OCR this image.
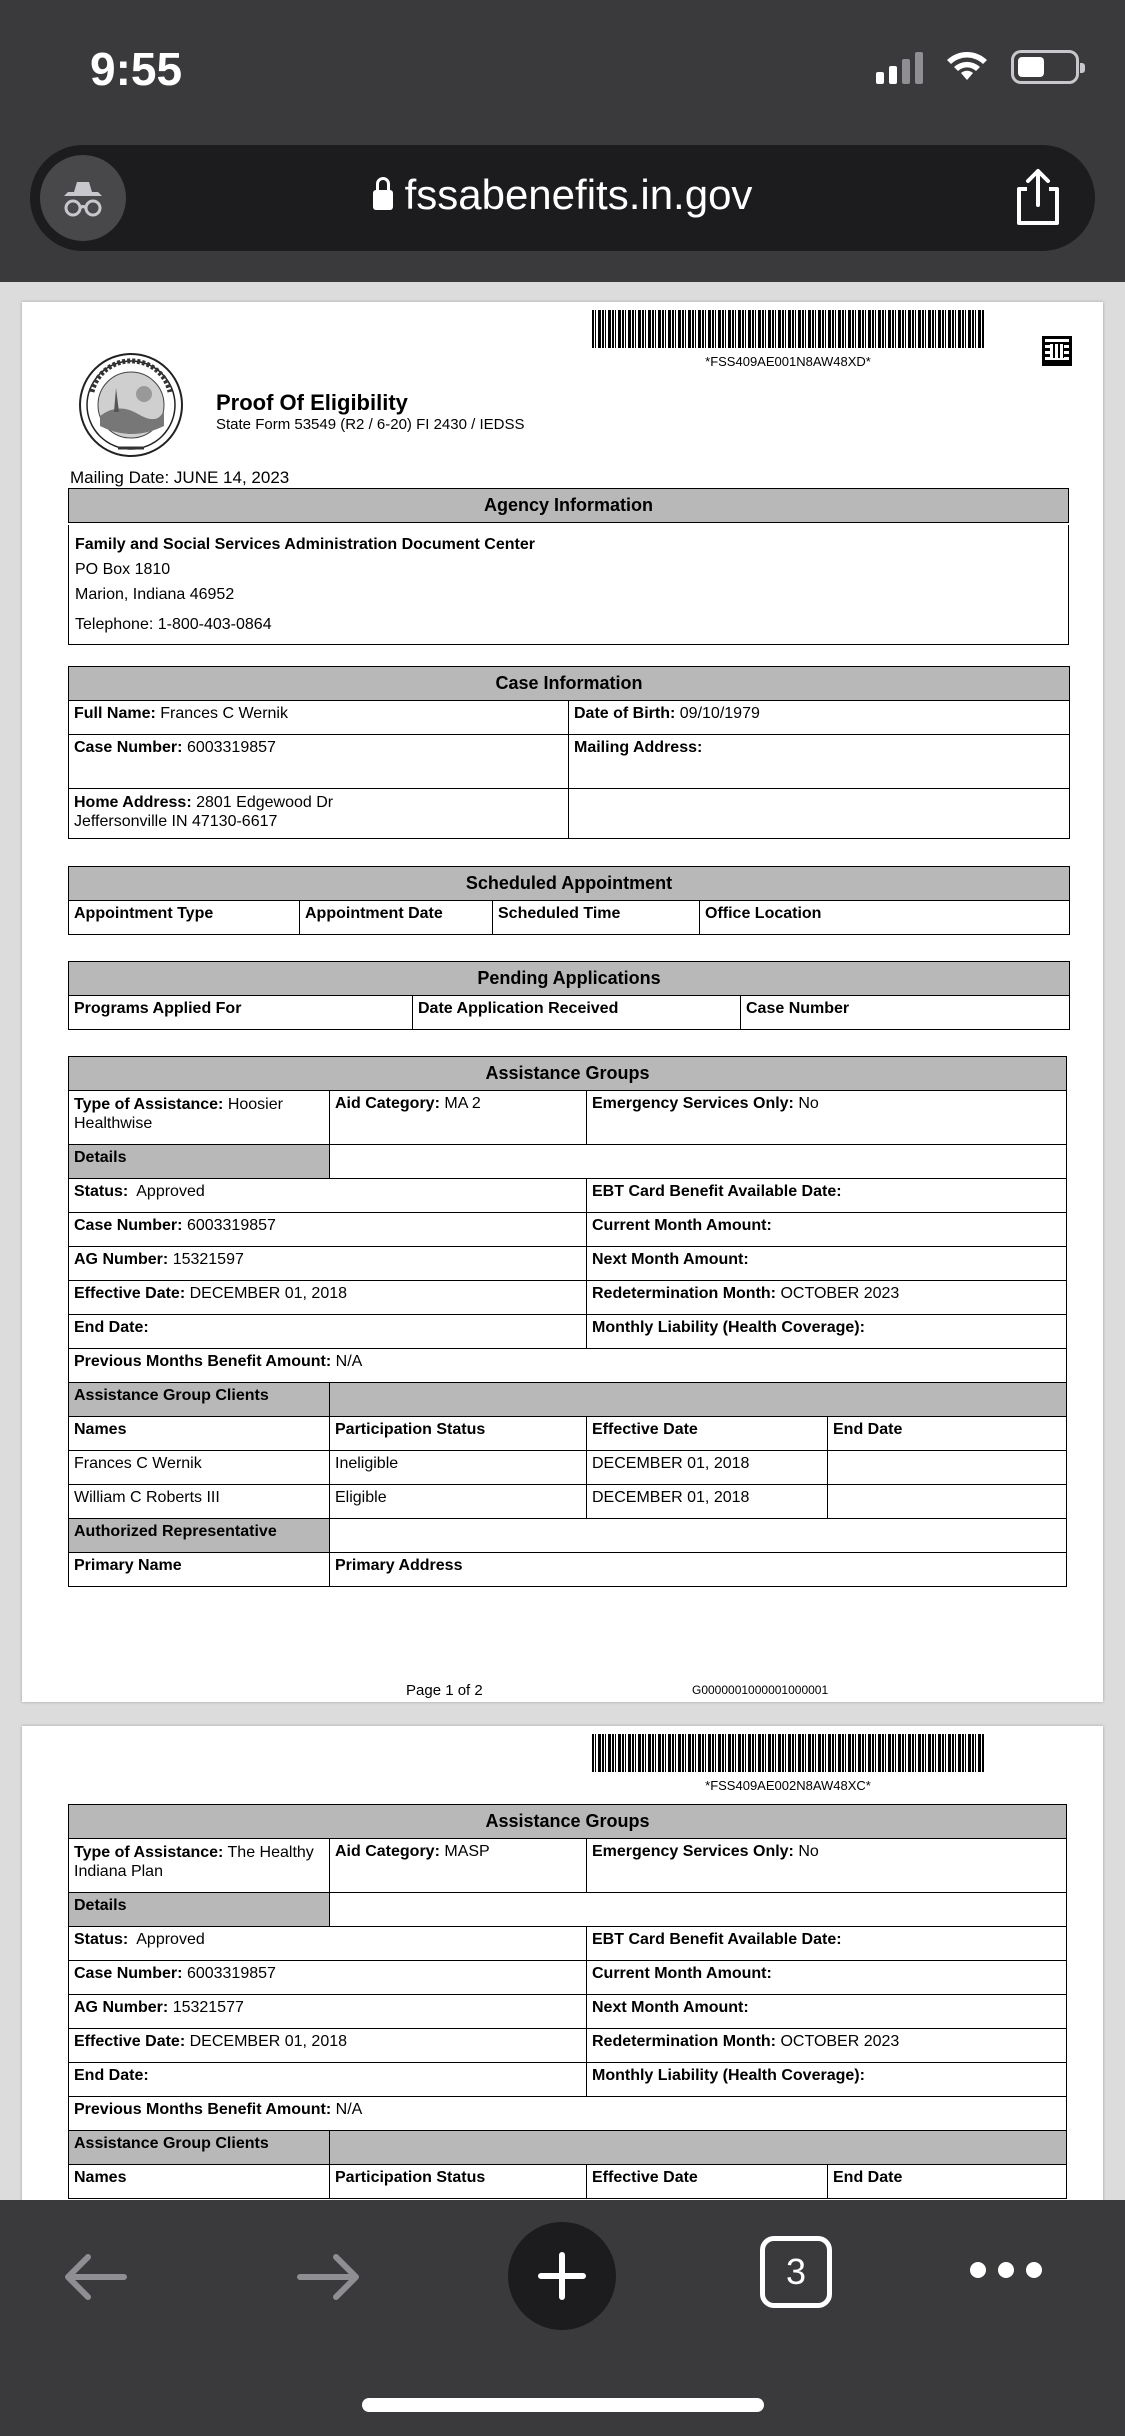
9:55
fssabenefits.in.gov
*FSS409AE001N8AW48XD*
Proof Of Eligibility
State Form 53549 (R2 / 6-20) FI 2430 / IEDSS
Mailing Date: JUNE 14, 2023
Agency Information
Family and Social Services Administration Document Center
PO Box 1810
Marion, Indiana 46952
Telephone: 1-800-403-0864
Case Information	
Full Name: Frances C Wernik	Date of Birth: 09/10/1979
Case Number: 6003319857	Mailing Address:
Home Address: 2801 Edgewood Dr
Jeffersonville IN 47130-6617	
Scheduled Appointment
Appointment Type	Appointment Date	Scheduled Time	Office Location
Pending Applications
Programs Applied For	Date Application Received	Case Number
Assistance Groups			
Type of Assistance: Hoosier Healthwise	Aid Category: MA 2	Emergency Services Only: No	
Details			
Status: Approved		EBT Card Benefit Available Date:	
Case Number: 6003319857		Current Month Amount:	
AG Number: 15321597		Next Month Amount:	
Effective Date: DECEMBER 01, 2018		Redetermination Month: OCTOBER 2023	
End Date:		Monthly Liability (Health Coverage):	
Previous Months Benefit Amount: N/A			
Assistance Group Clients			
Names	Participation Status	Effective Date	End Date
Frances C Wernik	Ineligible	DECEMBER 01, 2018	
William C Roberts III	Eligible	DECEMBER 01, 2018	
Authorized Representative			
Primary Name	Primary Address		
Page 1 of 2	G0000001000001000001
*FSS409AE002N8AW48XC*
Assistance Groups			
Type of Assistance: The Healthy Indiana Plan	Aid Category: MASP	Emergency Services Only: No	
Details			
Status: Approved		EBT Card Benefit Available Date:	
Case Number: 6003319857		Current Month Amount:	
AG Number: 15321577		Next Month Amount:	
Effective Date: DECEMBER 01, 2018		Redetermination Month: OCTOBER 2023	
End Date:		Monthly Liability (Health Coverage):	
Previous Months Benefit Amount: N/A			
Assistance Group Clients			
Names	Participation Status	Effective Date	End Date
3
